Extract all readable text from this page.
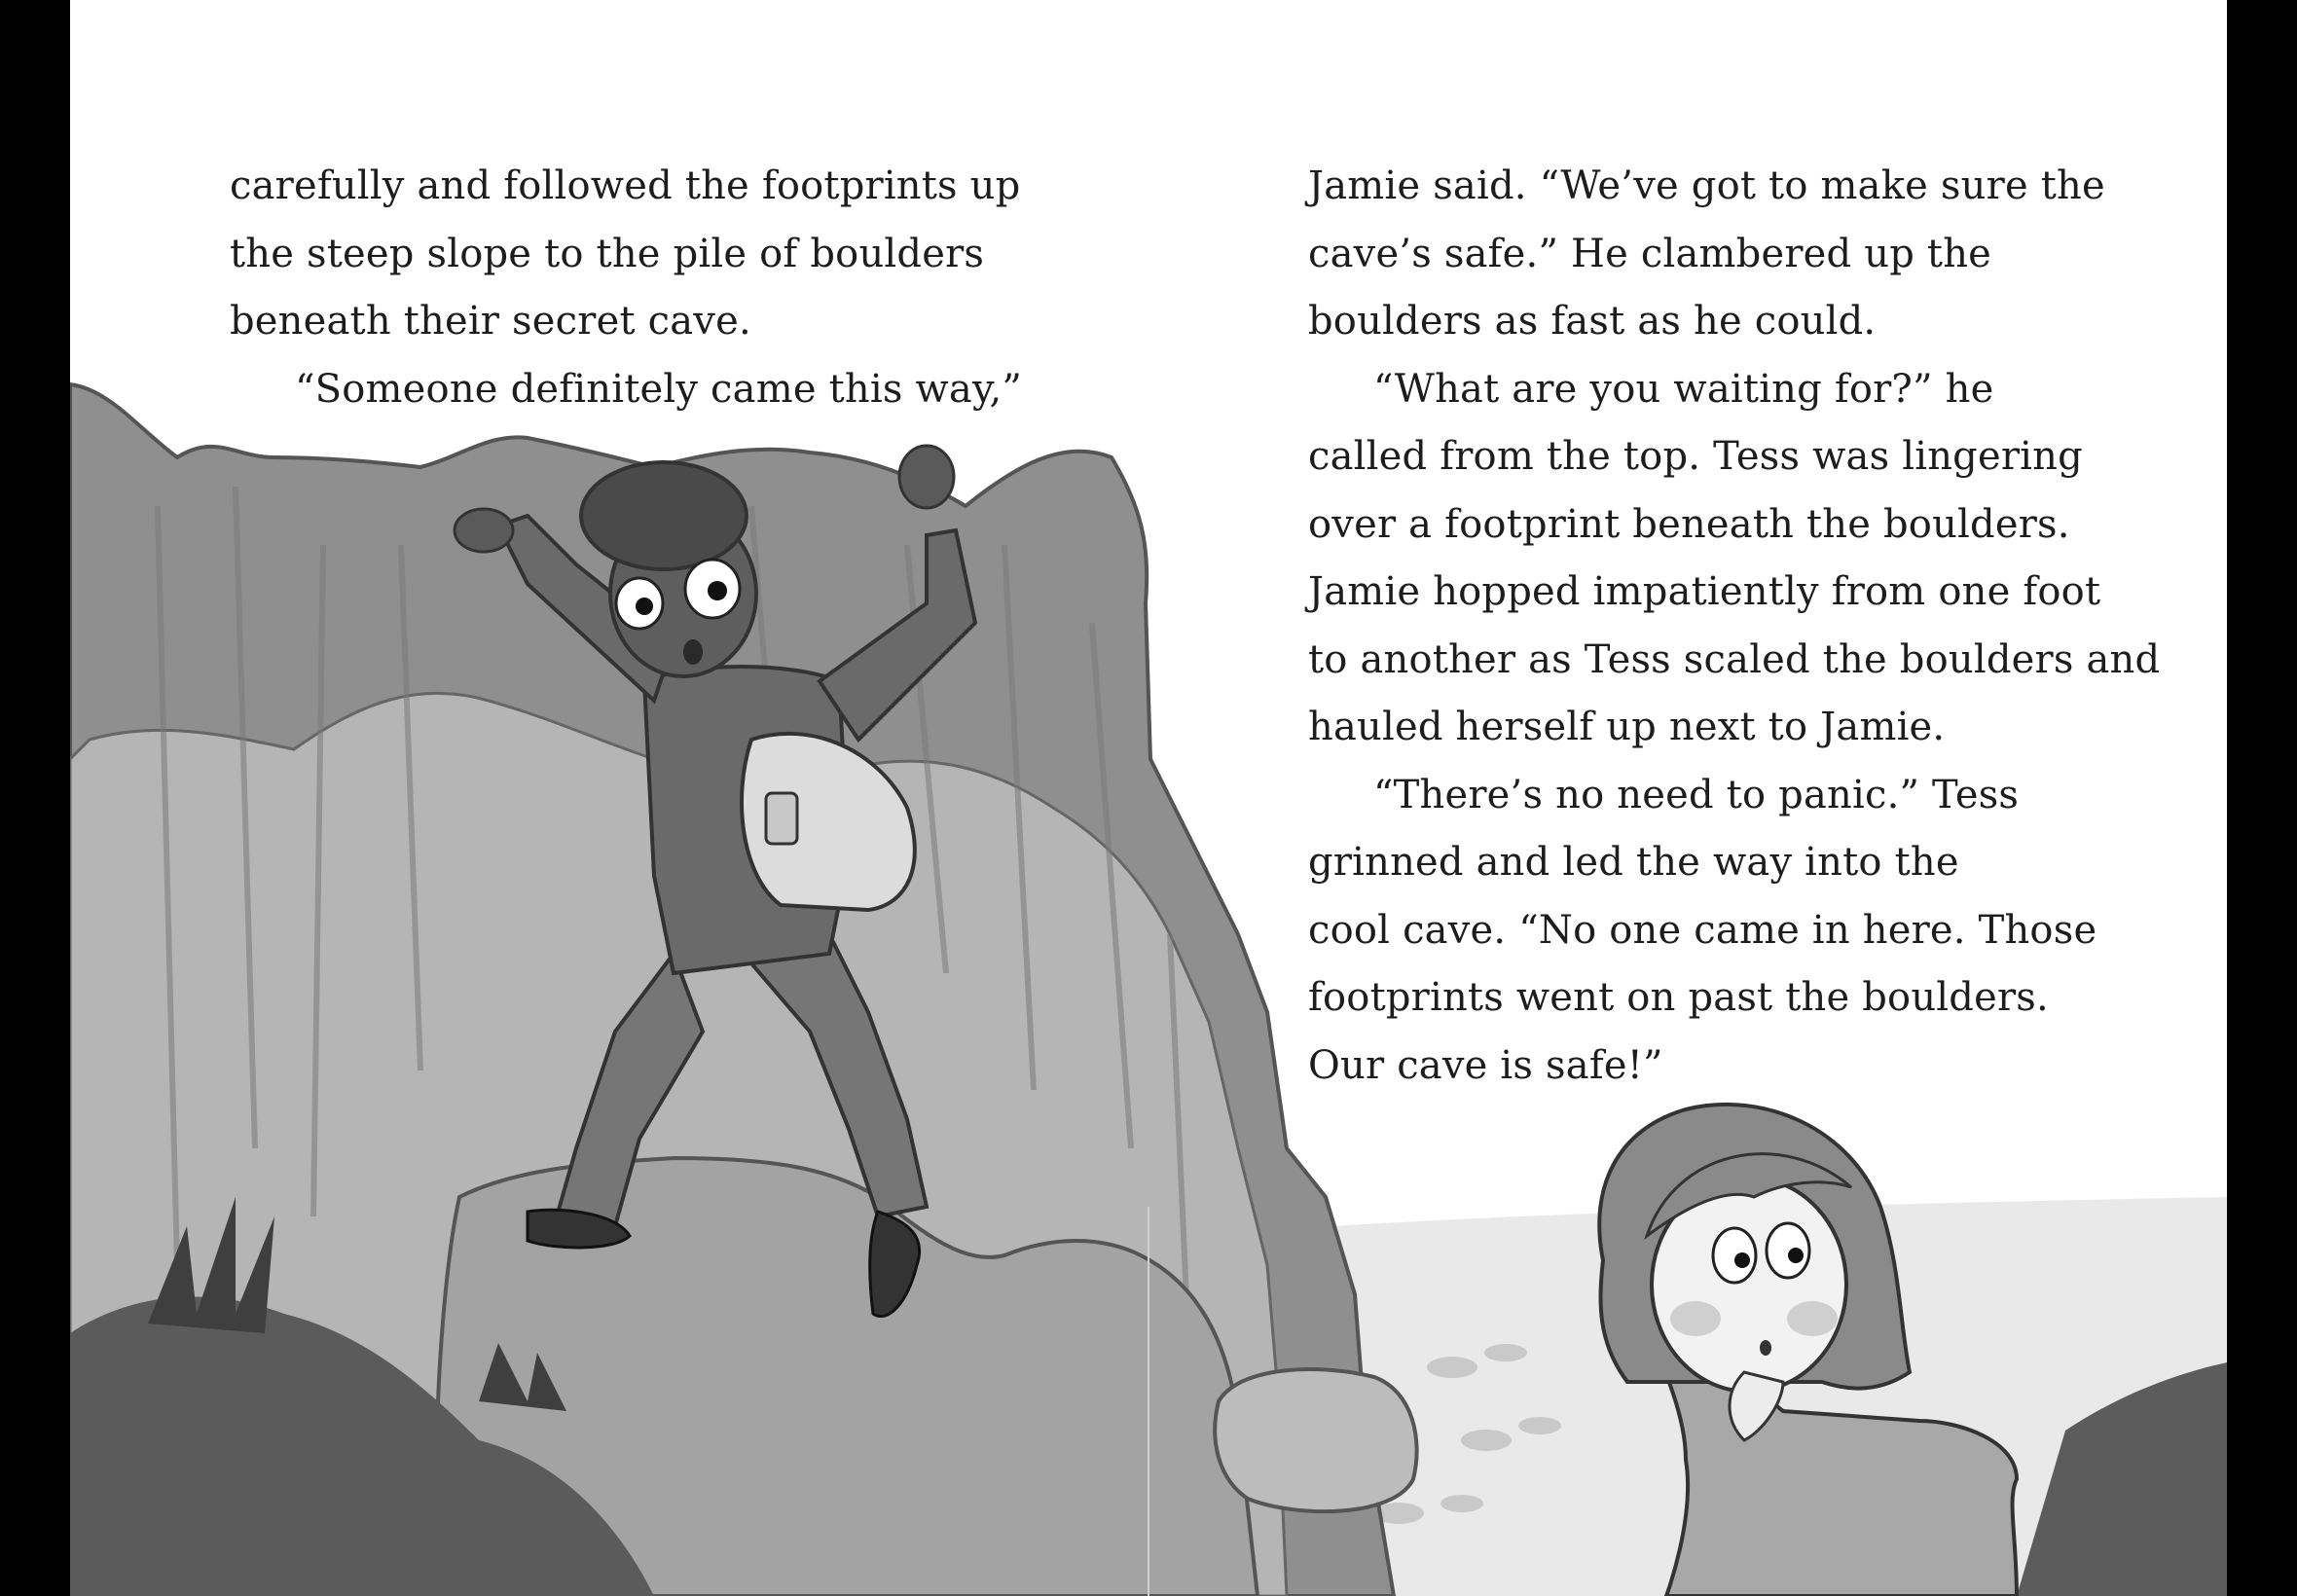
carefully and followed the footprints up
the steep slope to the pile of boulders
beneath their secret cave.
“Someone definitely came this way,”
Jamie said. “We’ve got to make sure the
cave’s safe.” He clambered up the
boulders as fast as he could.
“What are you waiting for?” he
called from the top. Tess was lingering
over a footprint beneath the boulders.
Jamie hopped impatiently from one foot
to another as Tess scaled the boulders and
hauled herself up next to Jamie.
“There’s no need to panic.” Tess
grinned and led the way into the
cool cave. “No one came in here. Those
footprints went on past the boulders.
Our cave is safe!”
